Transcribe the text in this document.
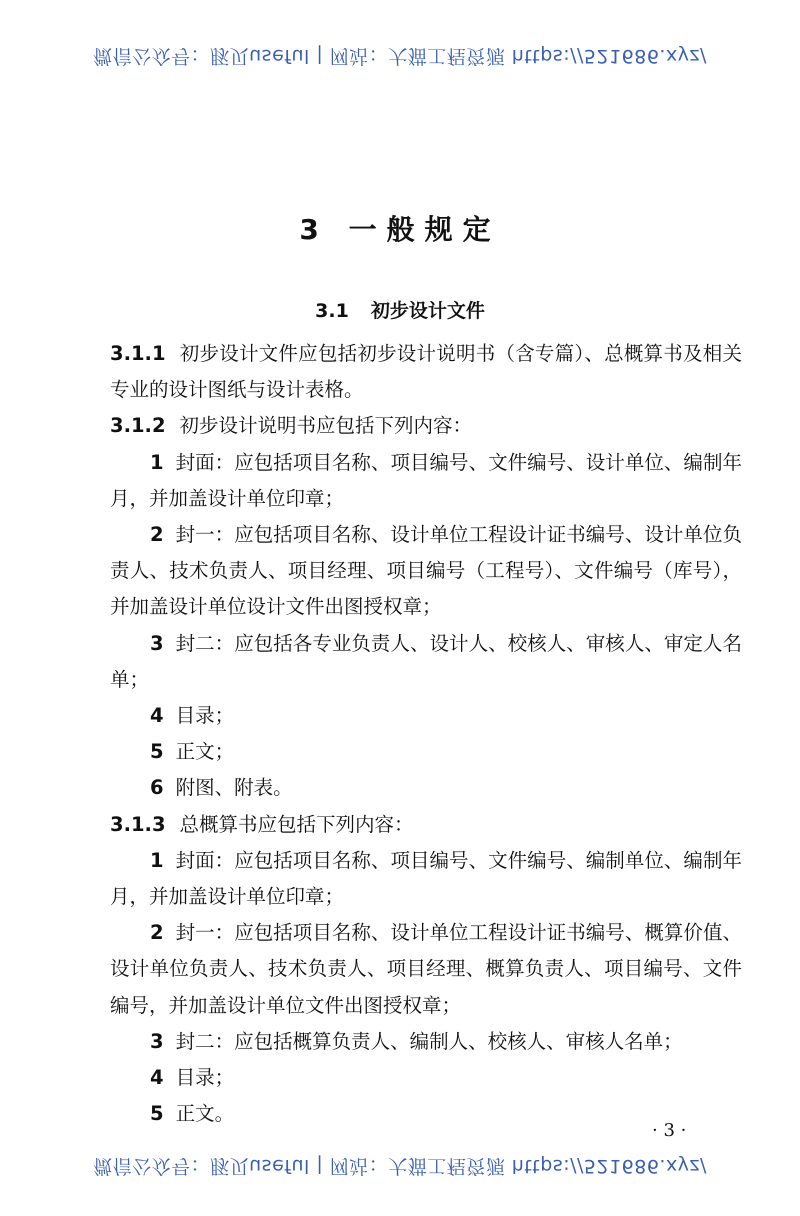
微信公众号：豚贝useful | 网站：大猫工程资源 https://521686.xyz/
3 一般规定
3.1 初步设计文件

3.1.1 初步设计文件应包括初步设计说明书（含专篇）、总概算书及相关专业的设计图纸与设计表格。

3.1.2 初步设计说明书应包括下列内容：

1 封面：应包括项目名称、项目编号、文件编号、设计单位、编制年月，并加盖设计单位印章；

2 封一：应包括项目名称、设计单位工程设计证书编号、设计单位负责人、技术负责人、项目经理、项目编号（工程号）、文件编号（库号），并加盖设计单位设计文件出图授权章；

3 封二：应包括各专业负责人、设计人、校核人、审核人、审定人名单；

4 目录；

5 正文；

6 附图、附表。

3.1.3 总概算书应包括下列内容：

1 封面：应包括项目名称、项目编号、文件编号、编制单位、编制年月，并加盖设计单位印章；

2 封一：应包括项目名称、设计单位工程设计证书编号、概算价值、设计单位负责人、技术负责人、项目经理、概算负责人、项目编号、文件编号，并加盖设计单位文件出图授权章；

3 封二：应包括概算负责人、编制人、校核人、审核人名单；

4 目录；

5 正文。

· 3 ·
微信公众号：豚贝useful | 网站：大猫工程资源 https://521686.xyz/
